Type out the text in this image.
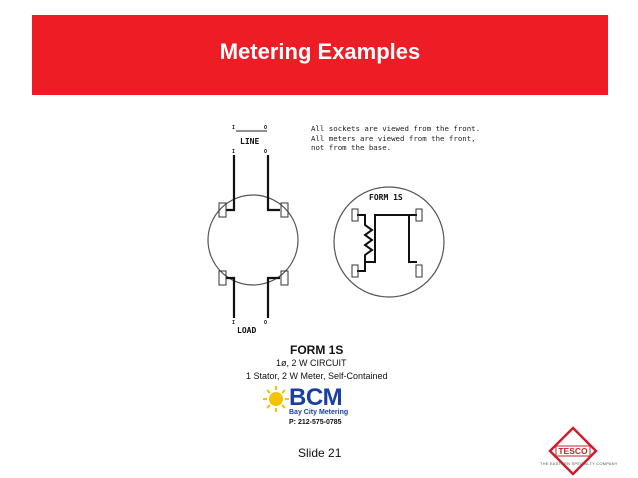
Metering Examples
TESCO
I	O
I	O
I	O
LINE
LOAD
FORM 1S
All sockets are viewed from the front.
All meters are viewed from the front,
not from the base.
FORM 1S
1ø, 2 W CIRCUIT
1 Stator, 2 W Meter, Self-Contained
BCM
Bay City Metering
P: 212-575-0785
Slide 21
THE EASTERN SPECIALTY COMPANY
